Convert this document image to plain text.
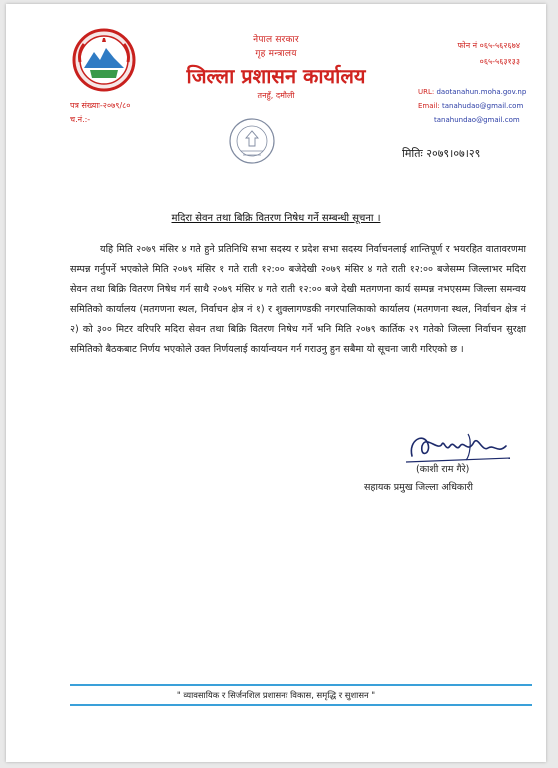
नेपाल सरकार
गृह मन्त्रालय
जिल्ला प्रशासन कार्यालय
तनहुँ, दमौली
फोन नं ०६५-५६२६७४
०६५-५६३१३३
URL: daotanahun.moha.gov.np
Email: tanahudao@gmail.com
tanahundao@gmail.com
पत्र संख्याः-२०७९/८०
च.नं.:-
मितिः २०७९।०७।२९
मदिरा सेवन तथा बिक्रि वितरण निषेध गर्ने सम्बन्धी सूचना ।
यहि मिति २०७९ मंसिर ४ गते हुने प्रतिनिधि सभा सदस्य र प्रदेश सभा सदस्य निर्वाचनलाई शान्तिपूर्ण र भयरहित वातावरणमा सम्पन्न गर्नुपर्ने भएकोले मिति २०७९ मंसिर १ गते राती १२:०० बजेदेखी २०७९ मंसिर ४ गते राती १२:०० बजेसम्म जिल्लाभर मदिरा सेवन तथा बिक्रि वितरण निषेध गर्न साथै २०७९ मंसिर ४ गते राती १२:०० बजे देखी मतगणना कार्य सम्पन्न नभएसम्म जिल्ला समन्वय समितिको कार्यालय (मतगणना स्थल, निर्वाचन क्षेत्र नं १) र शुक्लागण्डकी नगरपालिकाको कार्यालय (मतगणना स्थल, निर्वाचन क्षेत्र नं २) को ३०० मिटर वरिपरि मदिरा सेवन तथा बिक्रि वितरण निषेध गर्ने भनि मिति २०७९ कार्तिक २९ गतेको जिल्ला निर्वाचन सुरक्षा समितिको बैठकबाट निर्णय भएकोले उक्त निर्णयलाई कार्यान्वयन गर्न गराउनु हुन सबैमा यो सूचना जारी गरिएको छ ।
(काशी राम गैरे)
सहायक प्रमुख जिल्ला अधिकारी
" व्यावसायिक र सिर्जनशिल प्रशासनः विकास, समृद्धि र सुशासन "
